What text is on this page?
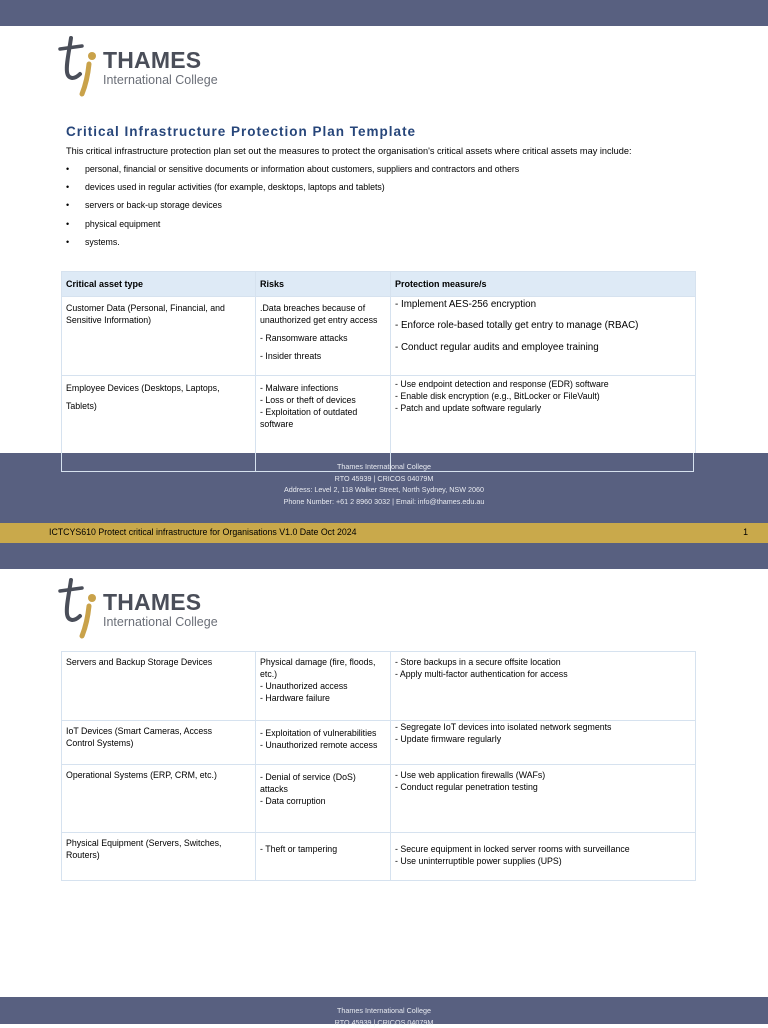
THAMES
International College
Critical Infrastructure Protection Plan Template
This critical infrastructure protection plan set out the measures to protect the organisation's critical assets where critical assets may include:
• personal, financial or sensitive documents or information about customers, suppliers and contractors and others
• devices used in regular activities (for example, desktops, laptops and tablets)
• servers or back-up storage devices
• physical equipment
• systems.
Critical asset type	Risks	Protection measure/s

Customer Data (Personal, Financial, and
Sensitive Information)	.Data breaches because of
unauthorized get entry access
- Ransomware attacks
- Insider threats	- Implement AES-256 encryption
- Enforce role-based totally get entry to manage (RBAC)
- Conduct regular audits and employee training

Employee Devices (Desktops, Laptops,
Tablets)	- Malware infections
- Loss or theft of devices
- Exploitation of outdated
software	- Use endpoint detection and response (EDR) software
- Enable disk encryption (e.g., BitLocker or FileVault)
- Patch and update software regularly
Thames International College
RTO 45939 | CRICOS 04079M
Address: Level 2, 118 Walker Street, North Sydney, NSW 2060
Phone Number: +61 2 8960 3032 | Email: info@thames.edu.au
ICTCYS610 Protect critical infrastructure for Organisations V1.0 Date Oct 2024	1
THAMES
International College
Servers and Backup Storage Devices	Physical damage (fire, floods,
etc.)
- Unauthorized access
- Hardware failure	- Store backups in a secure offsite location
- Apply multi-factor authentication for access

IoT Devices (Smart Cameras, Access
Control Systems)	- Exploitation of vulnerabilities
- Unauthorized remote access	- Segregate IoT devices into isolated network segments
- Update firmware regularly

Operational Systems (ERP, CRM, etc.)	- Denial of service (DoS)
attacks
- Data corruption	- Use web application firewalls (WAFs)
- Conduct regular penetration testing

Physical Equipment (Servers, Switches,
Routers)	- Theft or tampering	- Secure equipment in locked server rooms with surveillance
- Use uninterruptible power supplies (UPS)
Thames International College
RTO 45939 | CRICOS 04079M
